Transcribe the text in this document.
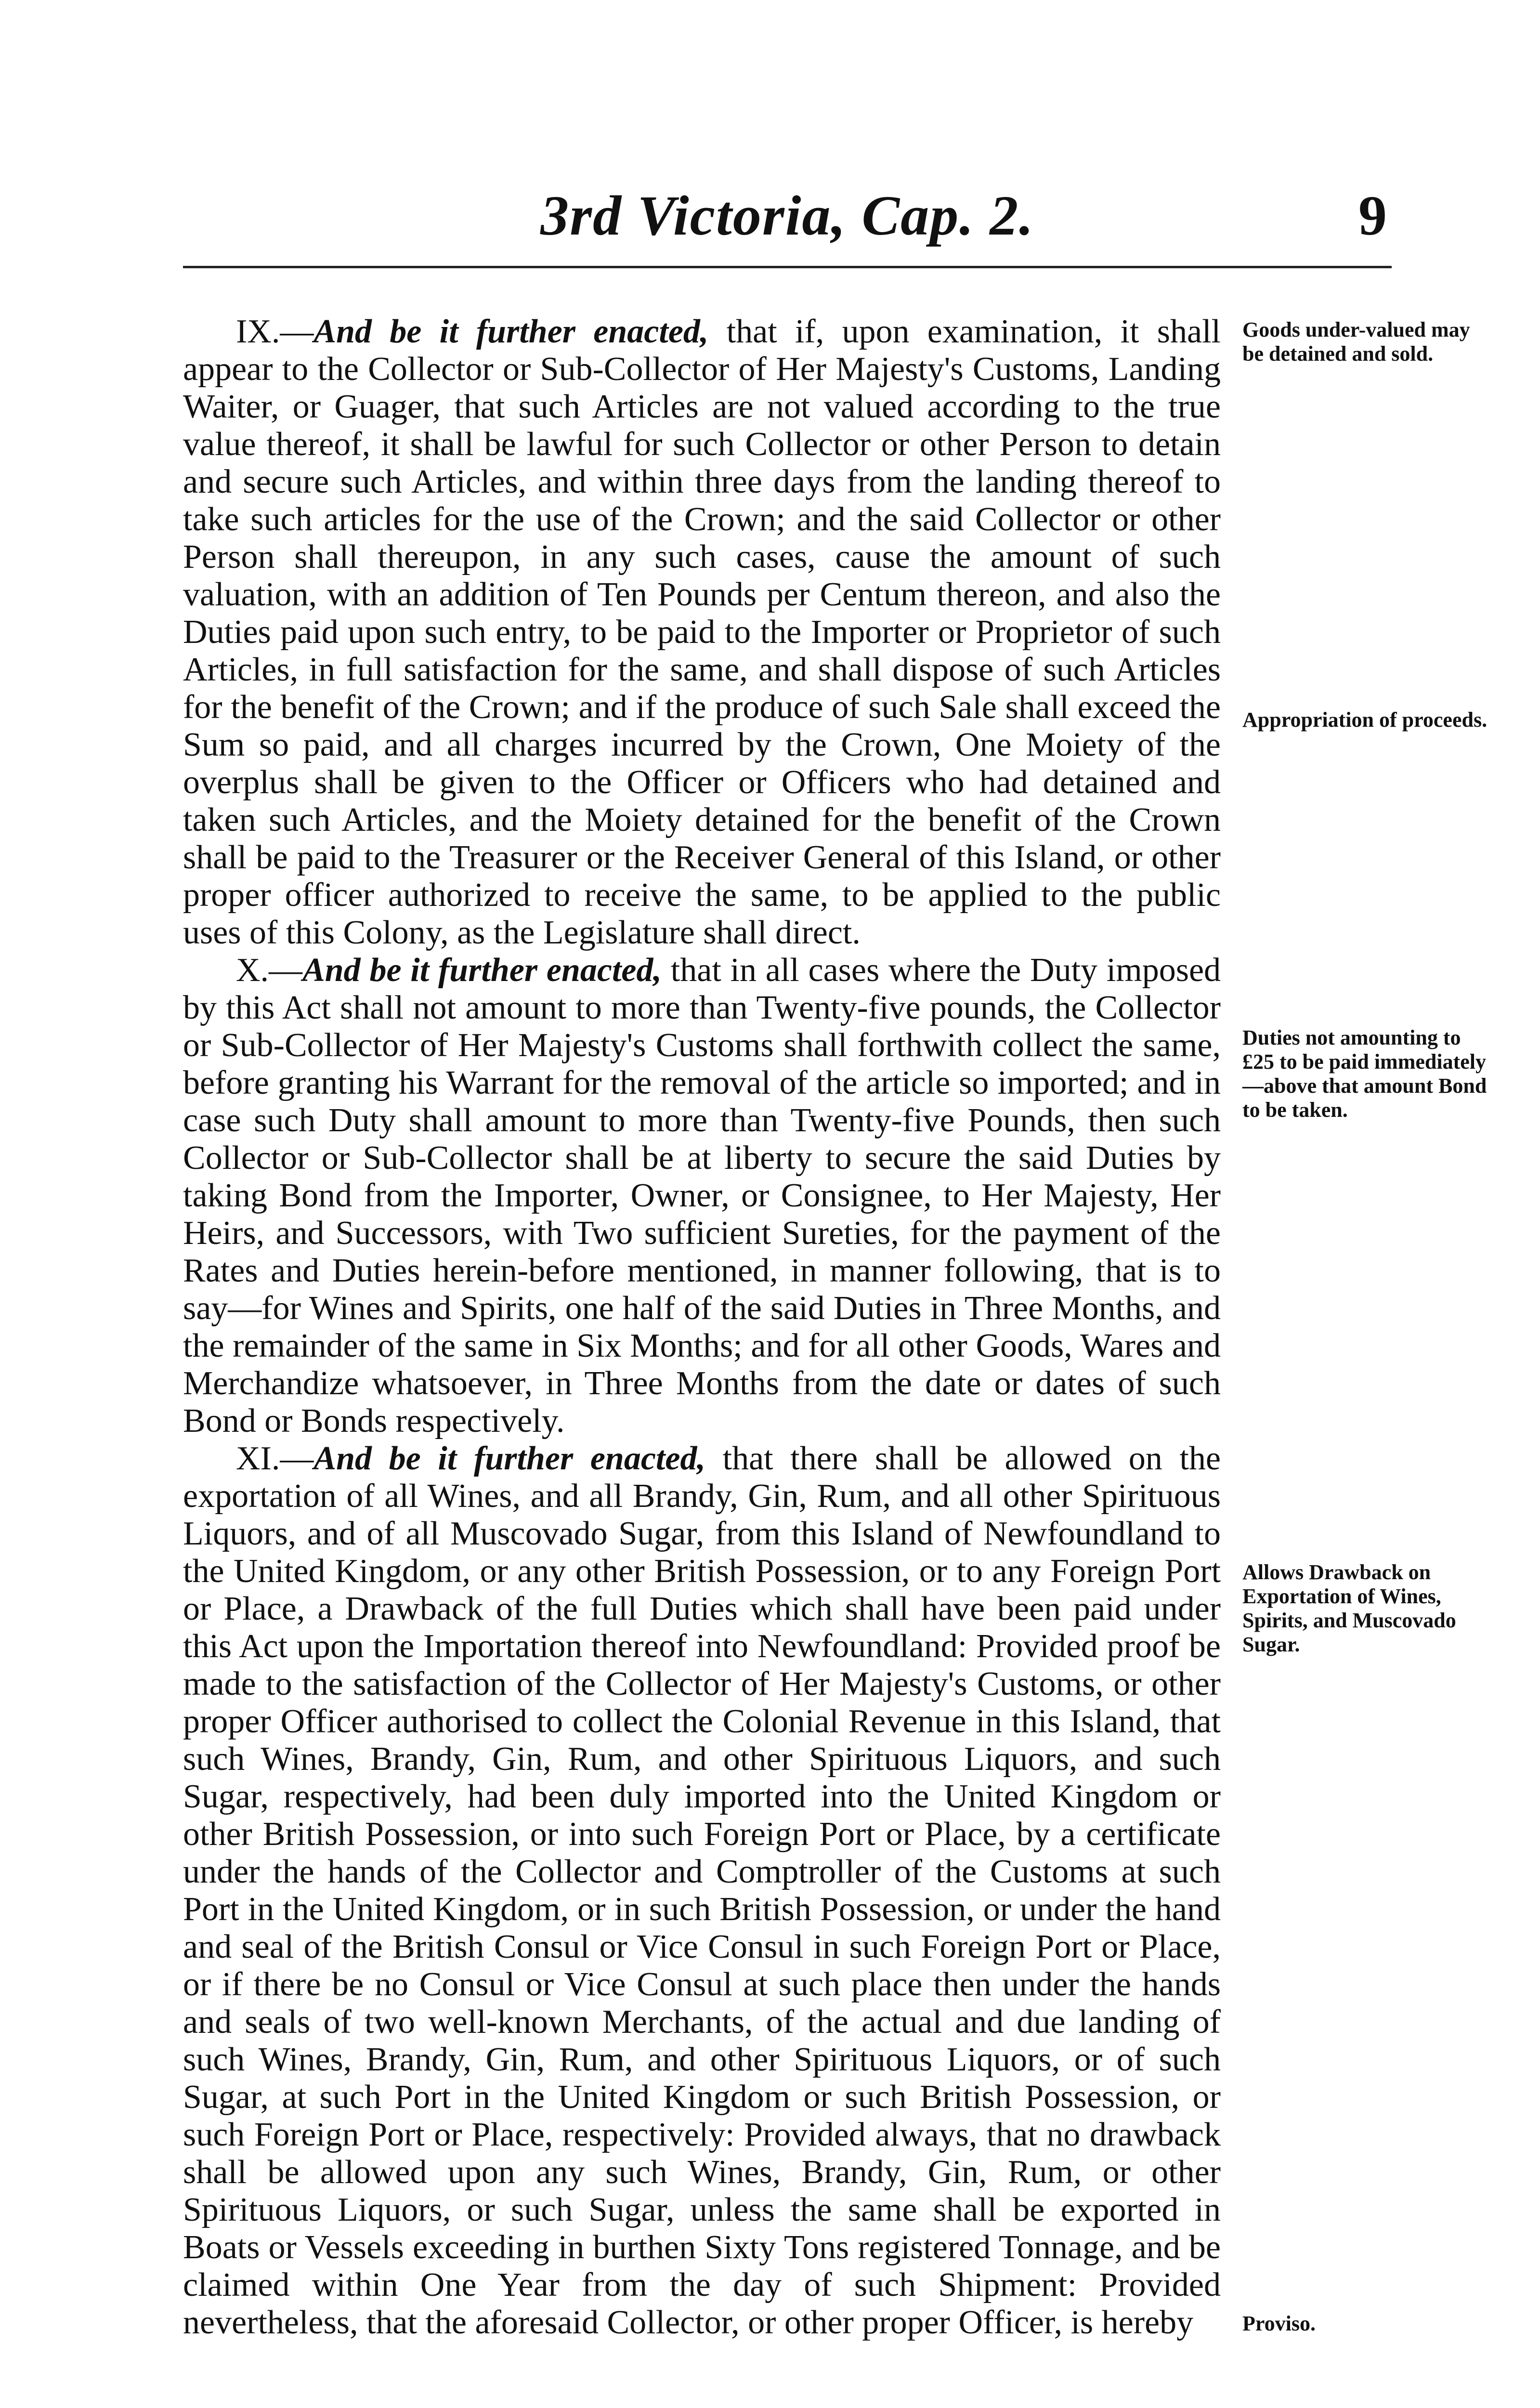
3rd Victoria, Cap. 2.	9

IX.—And be it further enacted, that if, upon examination, it shall appear to the Collector or Sub-Collector of Her Majesty's Customs, Landing Waiter, or Guager, that such Articles are not valued according to the true value thereof, it shall be lawful for such Collector or other Person to detain and secure such Articles, and within three days from the landing thereof to take such articles for the use of the Crown; and the said Collector or other Person shall thereupon, in any such cases, cause the amount of such valuation, with an addition of Ten Pounds per Centum thereon, and also the Duties paid upon such entry, to be paid to the Importer or Proprietor of such Articles, in full satisfaction for the same, and shall dispose of such Articles for the benefit of the Crown; and if the produce of such Sale shall exceed the Sum so paid, and all charges incurred by the Crown, One Moiety of the overplus shall be given to the Officer or Officers who had detained and taken such Articles, and the Moiety detained for the benefit of the Crown shall be paid to the Treasurer or the Receiver General of this Island, or other proper officer authorized to receive the same, to be applied to the public uses of this Colony, as the Legislature shall direct.

X.—And be it further enacted, that in all cases where the Duty imposed by this Act shall not amount to more than Twenty-five pounds, the Collector or Sub-Collector of Her Majesty's Customs shall forthwith collect the same, before granting his Warrant for the removal of the article so imported; and in case such Duty shall amount to more than Twenty-five Pounds, then such Collector or Sub-Collector shall be at liberty to secure the said Duties by taking Bond from the Importer, Owner, or Consignee, to Her Majesty, Her Heirs, and Successors, with Two sufficient Sureties, for the payment of the Rates and Duties herein-before mentioned, in manner following, that is to say—for Wines and Spirits, one half of the said Duties in Three Months, and the remainder of the same in Six Months; and for all other Goods, Wares and Merchandize whatsoever, in Three Months from the date or dates of such Bond or Bonds respectively.

XI.—And be it further enacted, that there shall be allowed on the exportation of all Wines, and all Brandy, Gin, Rum, and all other Spirituous Liquors, and of all Muscovado Sugar, from this Island of Newfoundland to the United Kingdom, or any other British Possession, or to any Foreign Port or Place, a Drawback of the full Duties which shall have been paid under this Act upon the Importation thereof into Newfoundland: Provided proof be made to the satisfaction of the Collector of Her Majesty's Customs, or other proper Officer authorised to collect the Colonial Revenue in this Island, that such Wines, Brandy, Gin, Rum, and other Spirituous Liquors, and such Sugar, respectively, had been duly imported into the United Kingdom or other British Possession, or into such Foreign Port or Place, by a certificate under the hands of the Collector and Comptroller of the Customs at such Port in the United Kingdom, or in such British Possession, or under the hand and seal of the British Consul or Vice Consul in such Foreign Port or Place, or if there be no Consul or Vice Consul at such place then under the hands and seals of two well-known Merchants, of the actual and due landing of such Wines, Brandy, Gin, Rum, and other Spirituous Liquors, or of such Sugar, at such Port in the United Kingdom or such British Possession, or such Foreign Port or Place, respectively: Provided always, that no drawback shall be allowed upon any such Wines, Brandy, Gin, Rum, or other Spirituous Liquors, or such Sugar, unless the same shall be exported in Boats or Vessels exceeding in burthen Sixty Tons registered Tonnage, and be claimed within One Year from the day of such Shipment: Provided nevertheless, that the aforesaid Collector, or other proper Officer, is hereby

Goods under-valued may be detained and sold.
Appropriation of proceeds.
Duties not amounting to £25 to be paid immediately—above that amount Bond to be taken.
Allows Drawback on Exportation of Wines, Spirits, and Muscovado Sugar.
Proviso.
